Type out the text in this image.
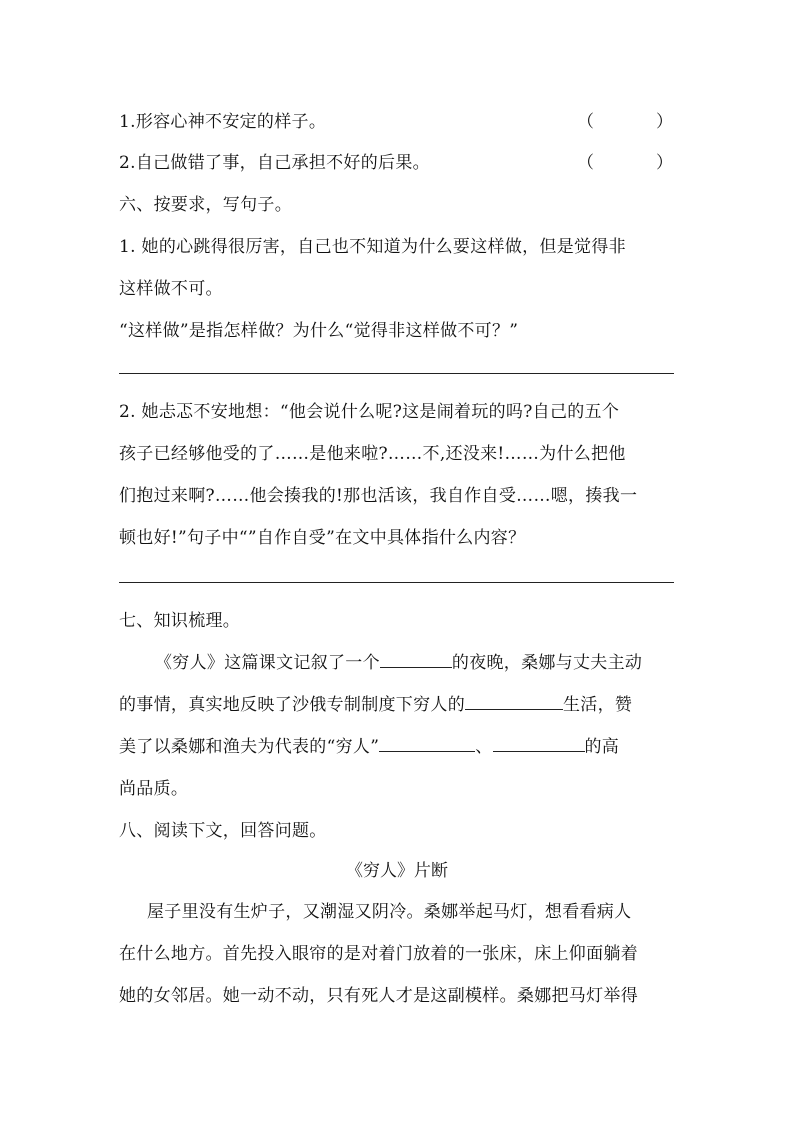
1.形容心神不安定的样子。	（	）
2.自己做错了事，自己承担不好的后果。	（	）
六、按要求，写句子。
1. 她的心跳得很厉害，自己也不知道为什么要这样做，但是觉得非
这样做不可。
“这样做”是指怎样做？为什么“觉得非这样做不可？”
2. 她忐忑不安地想：“他会说什么呢?这是闹着玩的吗?自己的五个
孩子已经够他受的了……是他来啦?……不,还没来!……为什么把他
们抱过来啊?……他会揍我的!那也活该，我自作自受……嗯，揍我一
顿也好!”句子中“”自作自受”在文中具体指什么内容？
七、知识梳理。
《穷人》这篇课文记叙了一个	的夜晚，桑娜与丈夫主动
的事情，真实地反映了沙俄专制制度下穷人的	生活，赞
美了以桑娜和渔夫为代表的“穷人”	、	的高
尚品质。
八、阅读下文，回答问题。
《穷人》片断
屋子里没有生炉子，又潮湿又阴冷。桑娜举起马灯，想看看病人
在什么地方。首先投入眼帘的是对着门放着的一张床，床上仰面躺着
她的女邻居。她一动不动，只有死人才是这副模样。桑娜把马灯举得
